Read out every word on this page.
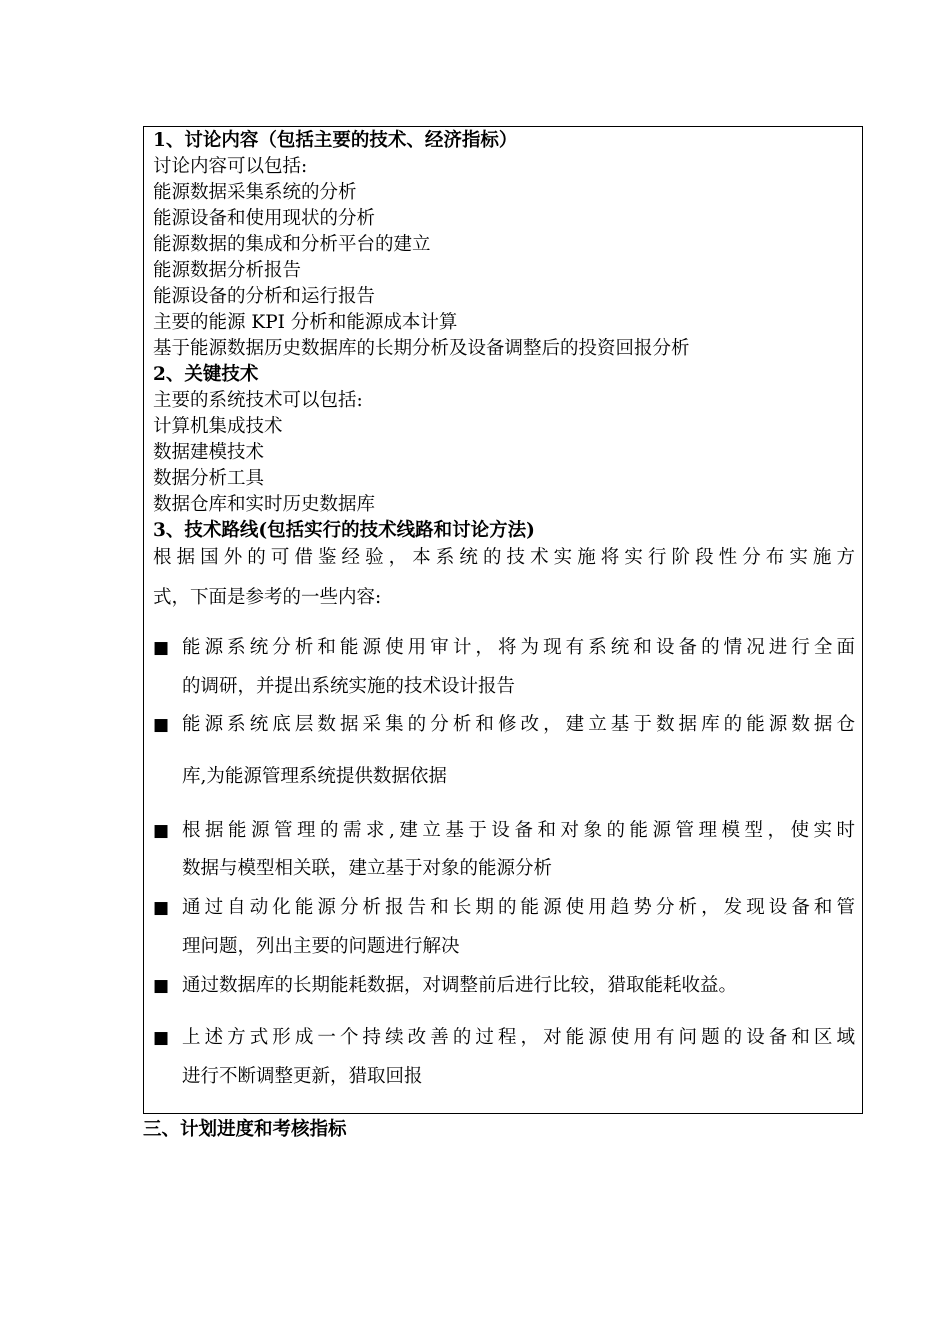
1、讨论内容（包括主要的技术、经济指标）
讨论内容可以包括:
能源数据采集系统的分析
能源设备和使用现状的分析
能源数据的集成和分析平台的建立
能源数据分析报告
能源设备的分析和运行报告
主要的能源 KPI 分析和能源成本计算
基于能源数据历史数据库的长期分析及设备调整后的投资回报分析
2、关键技术
主要的系统技术可以包括:
计算机集成技术
数据建模技术
数据分析工具
数据仓库和实时历史数据库
3、技术路线(包括实行的技术线路和讨论方法)
根据国外的可借鉴经验，本系统的技术实施将实行阶段性分布实施方
式，下面是参考的一些内容:
■ 能源系统分析和能源使用审计，将为现有系统和设备的情况进行全面
的调研，并提出系统实施的技术设计报告
■ 能源系统底层数据采集的分析和修改，建立基于数据库的能源数据仓
库,为能源管理系统提供数据依据
■ 根据能源管理的需求,建立基于设备和对象的能源管理模型，使实时
数据与模型相关联，建立基于对象的能源分析
■ 通过自动化能源分析报告和长期的能源使用趋势分析，发现设备和管
理问题，列出主要的问题进行解决
■ 通过数据库的长期能耗数据，对调整前后进行比较，猎取能耗收益。
■ 上述方式形成一个持续改善的过程，对能源使用有问题的设备和区域
进行不断调整更新，猎取回报
三、计划进度和考核指标
